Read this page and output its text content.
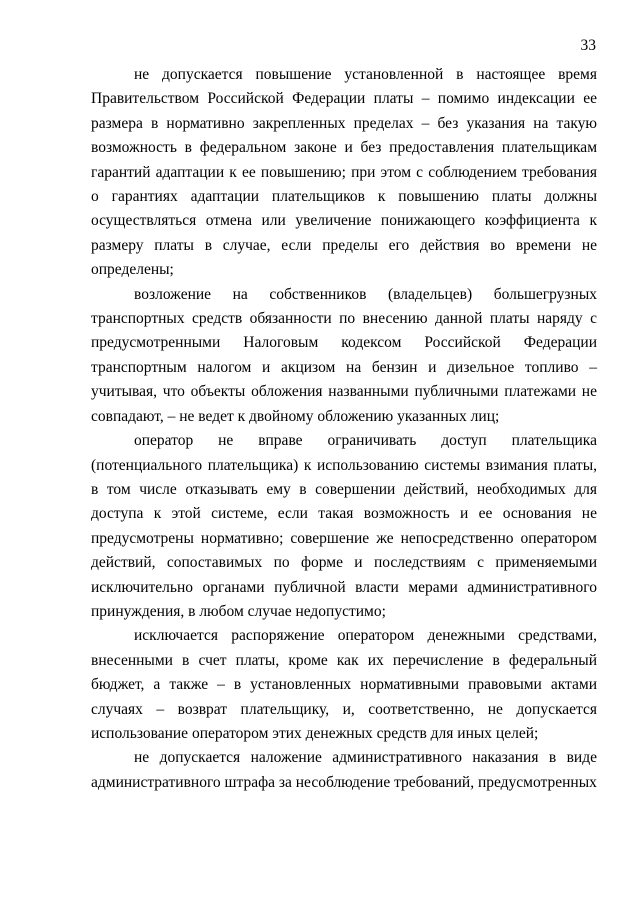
33

не допускается повышение установленной в настоящее время Правительством Российской Федерации платы – помимо индексации ее размера в нормативно закрепленных пределах – без указания на такую возможность в федеральном законе и без предоставления плательщикам гарантий адаптации к ее повышению; при этом с соблюдением требования о гарантиях адаптации плательщиков к повышению платы должны осуществляться отмена или увеличение понижающего коэффициента к размеру платы в случае, если пределы его действия во времени не определены;

возложение на собственников (владельцев) большегрузных транспортных средств обязанности по внесению данной платы наряду с предусмотренными Налоговым кодексом Российской Федерации транспортным налогом и акцизом на бензин и дизельное топливо – учитывая, что объекты обложения названными публичными платежами не совпадают, – не ведет к двойному обложению указанных лиц;

оператор не вправе ограничивать доступ плательщика (потенциального плательщика) к использованию системы взимания платы, в том числе отказывать ему в совершении действий, необходимых для доступа к этой системе, если такая возможность и ее основания не предусмотрены нормативно; совершение же непосредственно оператором действий, сопоставимых по форме и последствиям с применяемыми исключительно органами публичной власти мерами административного принуждения, в любом случае недопустимо;

исключается распоряжение оператором денежными средствами, внесенными в счет платы, кроме как их перечисление в федеральный бюджет, а также – в установленных нормативными правовыми актами случаях – возврат плательщику, и, соответственно, не допускается использование оператором этих денежных средств для иных целей;

не допускается наложение административного наказания в виде административного штрафа за несоблюдение требований, предусмотренных
